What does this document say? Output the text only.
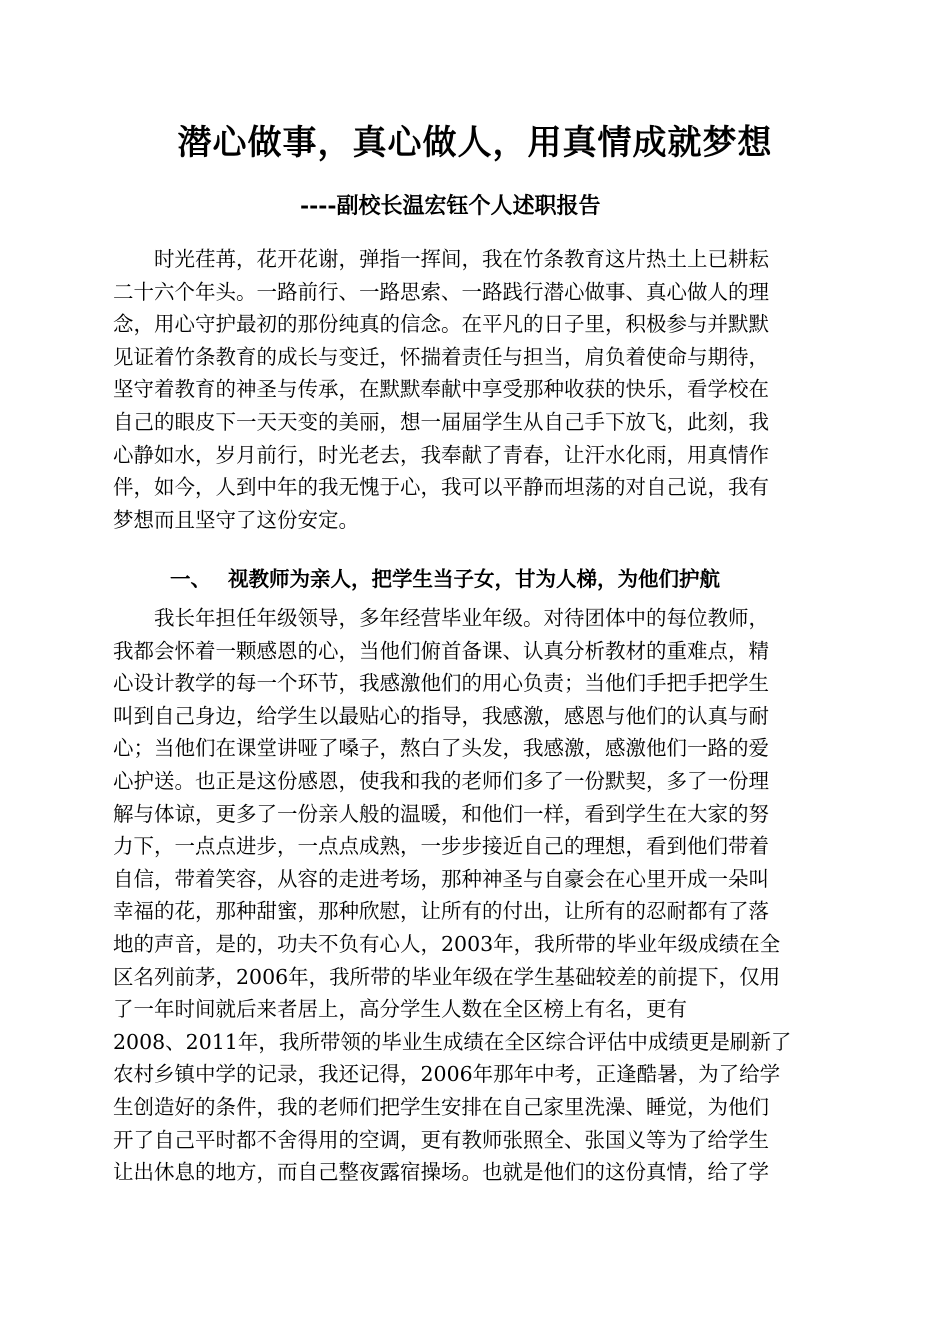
潜心做事，真心做人，用真情成就梦想
----副校长温宏钰个人述职报告
　　时光荏苒，花开花谢，弹指一挥间，我在竹条教育这片热土上已耕耘
二十六个年头。一路前行、一路思索、一路践行潜心做事、真心做人的理
念，用心守护最初的那份纯真的信念。在平凡的日子里，积极参与并默默
见证着竹条教育的成长与变迁，怀揣着责任与担当，肩负着使命与期待，
坚守着教育的神圣与传承，在默默奉献中享受那种收获的快乐，看学校在
自己的眼皮下一天天变的美丽，想一届届学生从自己手下放飞，此刻，我
心静如水，岁月前行，时光老去，我奉献了青春，让汗水化雨，用真情作
伴，如今，人到中年的我无愧于心，我可以平静而坦荡的对自己说，我有
梦想而且坚守了这份安定。
一、 视教师为亲人，把学生当子女，甘为人梯，为他们护航
　　我长年担任年级领导，多年经营毕业年级。对待团体中的每位教师，
我都会怀着一颗感恩的心，当他们俯首备课、认真分析教材的重难点，精
心设计教学的每一个环节，我感激他们的用心负责；当他们手把手把学生
叫到自己身边，给学生以最贴心的指导，我感激，感恩与他们的认真与耐
心；当他们在课堂讲哑了嗓子，熬白了头发，我感激，感激他们一路的爱
心护送。也正是这份感恩，使我和我的老师们多了一份默契，多了一份理
解与体谅，更多了一份亲人般的温暖，和他们一样，看到学生在大家的努
力下，一点点进步，一点点成熟，一步步接近自己的理想，看到他们带着
自信，带着笑容，从容的走进考场，那种神圣与自豪会在心里开成一朵叫
幸福的花，那种甜蜜，那种欣慰，让所有的付出，让所有的忍耐都有了落
地的声音，是的，功夫不负有心人，2003年，我所带的毕业年级成绩在全
区名列前茅，2006年，我所带的毕业年级在学生基础较差的前提下，仅用
了一年时间就后来者居上，高分学生人数在全区榜上有名，更有
2008、2011年，我所带领的毕业生成绩在全区综合评估中成绩更是刷新了
农村乡镇中学的记录，我还记得，2006年那年中考，正逢酷暑，为了给学
生创造好的条件，我的老师们把学生安排在自己家里洗澡、睡觉，为他们
开了自己平时都不舍得用的空调，更有教师张照全、张国义等为了给学生
让出休息的地方，而自己整夜露宿操场。也就是他们的这份真情，给了学
